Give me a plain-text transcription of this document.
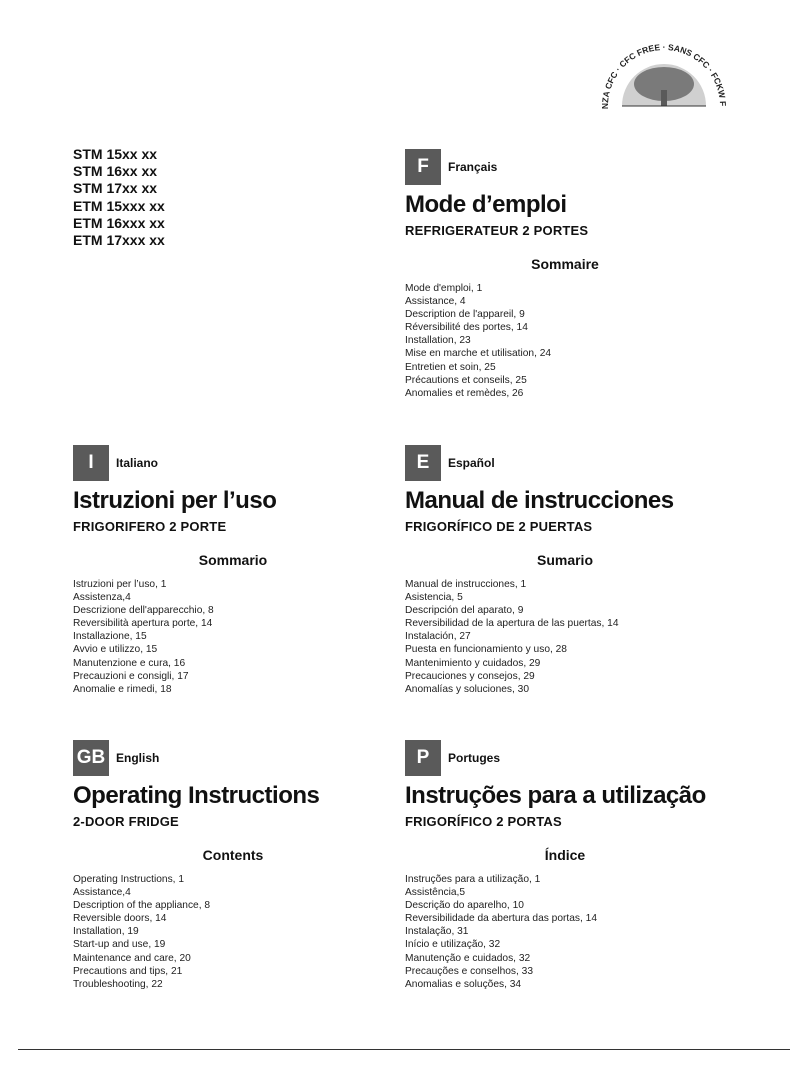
NZA CFC · CFC FREE · SANS CFC · FCK
STM 15xx xx
STM 16xx xx
STM 17xx xx
ETM 15xxx xx
ETM 16xxx xx
ETM 17xxx xx
F	Français
Mode d’emploi
REFRIGERATEUR 2 PORTES
Sommaire
Mode d'emploi, 1
Assistance, 4
Description de l'appareil, 9
Réversibilité des portes, 14
Installation, 23
Mise en marche et utilisation, 24
Entretien et soin, 25
Précautions et conseils, 25
Anomalies et remèdes, 26
I	Italiano
Istruzioni per l’uso
FRIGORIFERO 2 PORTE
Sommario
Istruzioni per l’uso, 1
Assistenza,4
Descrizione dell'apparecchio, 8
Reversibilità apertura porte, 14
Installazione, 15
Avvio e utilizzo, 15
Manutenzione e cura, 16
Precauzioni e consigli, 17
Anomalie e rimedi, 18
E	Español
Manual de instrucciones
FRIGORÍFICO DE 2 PUERTAS
Sumario
Manual de instrucciones, 1
Asistencia, 5
Descripción del aparato, 9
Reversibilidad de la apertura de las puertas, 14
Instalación, 27
Puesta en funcionamiento y uso, 28
Mantenimiento y cuidados, 29
Precauciones y consejos, 29
Anomalías y soluciones, 30
GB English
Operating Instructions
2-DOOR FRIDGE
Contents
Operating Instructions, 1
Assistance,4
Description of the appliance, 8
Reversible doors, 14
Installation, 19
Start-up and use, 19
Maintenance and care, 20
Precautions and tips, 21
Troubleshooting, 22
P	Portuges
Instruções para a utilização
FRIGORÍFICO 2 PORTAS
Índice
Instruções para a utilização, 1
Assistência,5
Descrição do aparelho, 10
Reversibilidade da abertura das portas, 14
Instalação, 31
Início e utilização, 32
Manutenção e cuidados, 32
Precauções e conselhos, 33
Anomalias e soluções, 34
